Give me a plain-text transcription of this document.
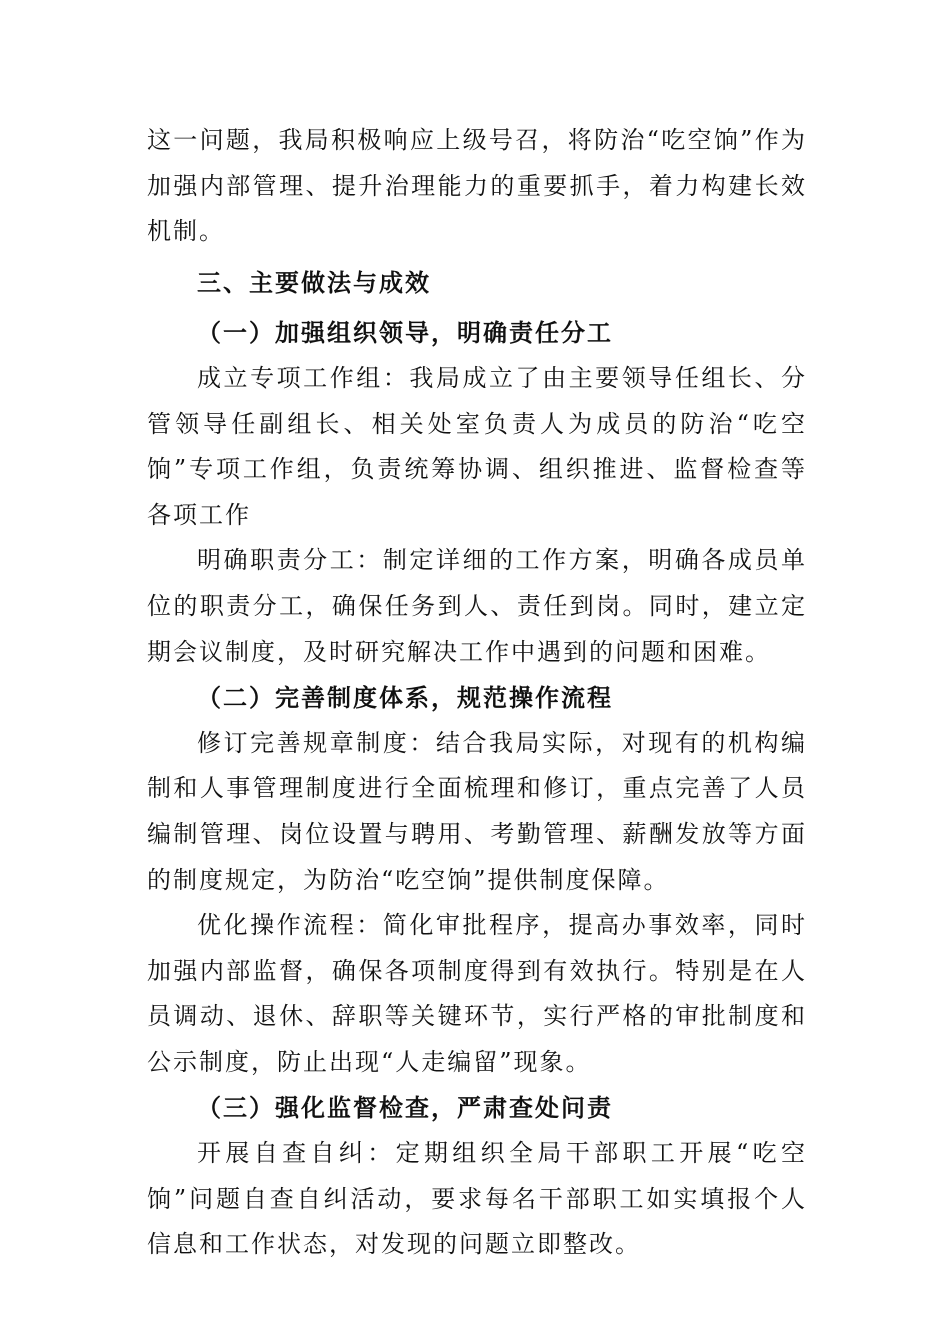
这一问题，我局积极响应上级号召，将防治“吃空饷”作为加强内部管理、提升治理能力的重要抓手，着力构建长效机制。

三、主要做法与成效

（一）加强组织领导，明确责任分工

成立专项工作组：我局成立了由主要领导任组长、分管领导任副组长、相关处室负责人为成员的防治“吃空饷”专项工作组，负责统筹协调、组织推进、监督检查等各项工作

明确职责分工：制定详细的工作方案，明确各成员单位的职责分工，确保任务到人、责任到岗。同时，建立定期会议制度，及时研究解决工作中遇到的问题和困难。

（二）完善制度体系，规范操作流程

修订完善规章制度：结合我局实际，对现有的机构编制和人事管理制度进行全面梳理和修订，重点完善了人员编制管理、岗位设置与聘用、考勤管理、薪酬发放等方面的制度规定，为防治“吃空饷”提供制度保障。

优化操作流程：简化审批程序，提高办事效率，同时加强内部监督，确保各项制度得到有效执行。特别是在人员调动、退休、辞职等关键环节，实行严格的审批制度和公示制度，防止出现“人走编留”现象。

（三）强化监督检查，严肃查处问责

开展自查自纠：定期组织全局干部职工开展“吃空饷”问题自查自纠活动，要求每名干部职工如实填报个人信息和工作状态，对发现的问题立即整改。
